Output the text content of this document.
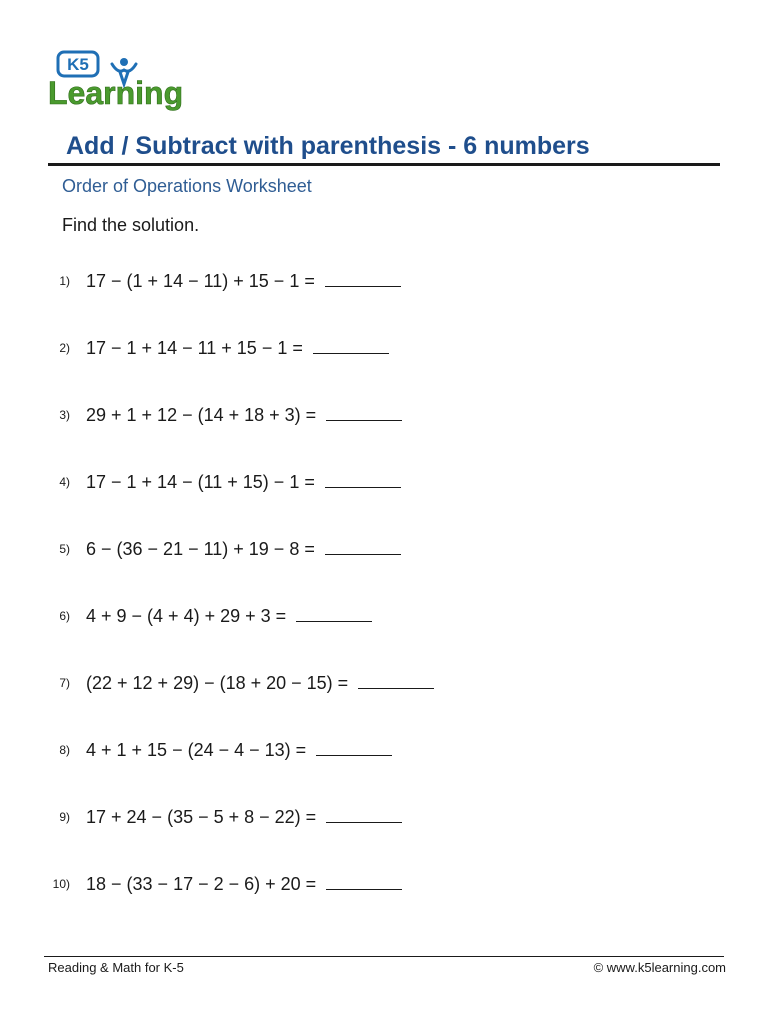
K5
Learning
Add / Subtract with parenthesis - 6 numbers
Order of Operations Worksheet
Find the solution.
1) 17 − (1 + 14 − 11) + 15 − 1 =
2) 17 − 1 + 14 − 11 + 15 − 1 =
3) 29 + 1 + 12 − (14 + 18 + 3) =
4) 17 − 1 + 14 − (11 + 15) − 1 =
5) 6 − (36 − 21 − 11) + 19 − 8 =
6) 4 + 9 − (4 + 4) + 29 + 3 =
7) (22 + 12 + 29) − (18 + 20 − 15) =
8) 4 + 1 + 15 − (24 − 4 − 13) =
9) 17 + 24 − (35 − 5 + 8 − 22) =
10) 18 − (33 − 17 − 2 − 6) + 20 =
Reading & Math for K-5	© www.k5learning.com
